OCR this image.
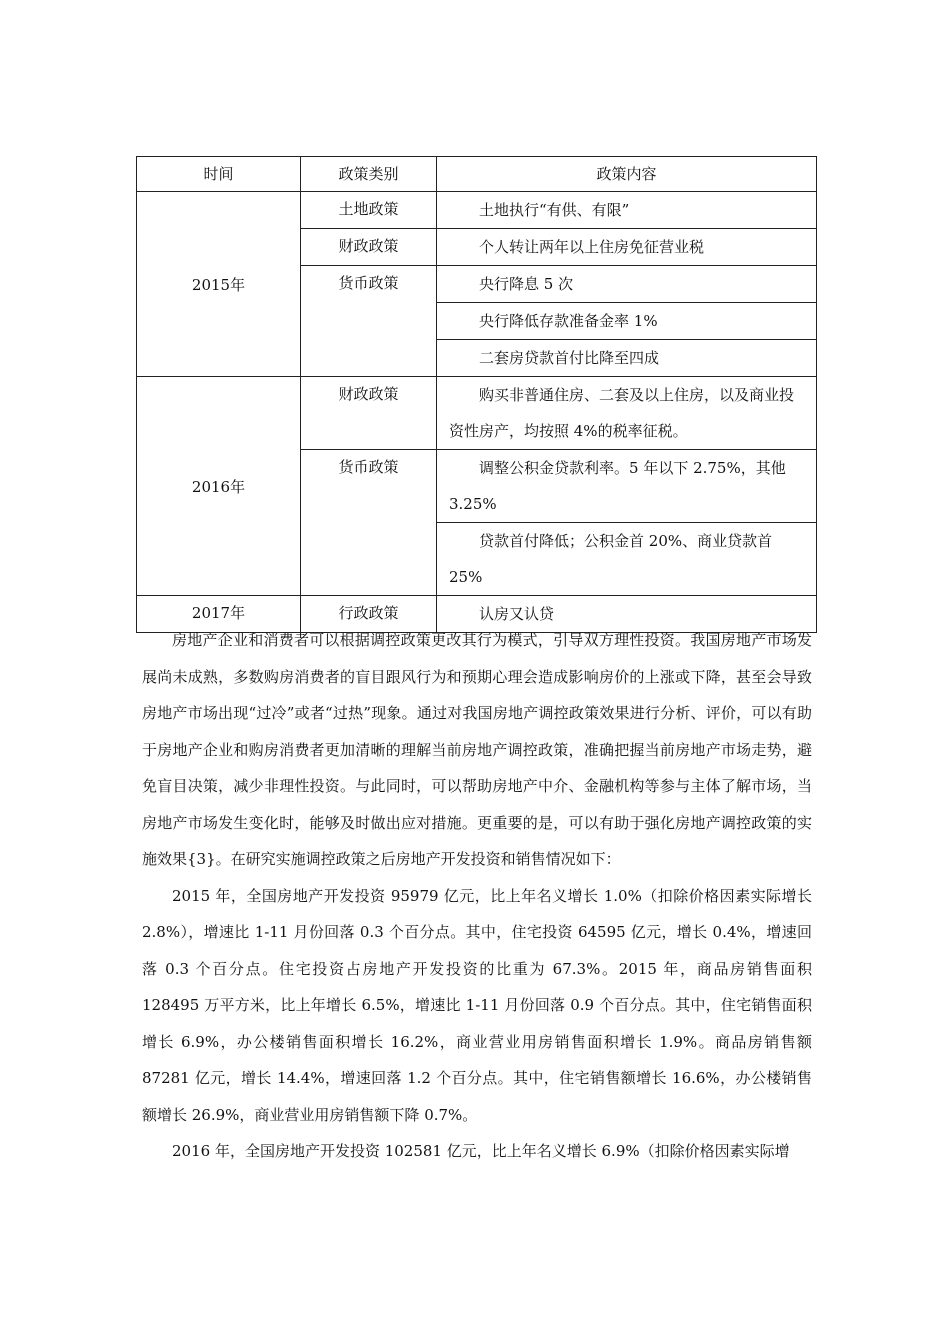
时间	政策类别	政策内容
2015年	土地政策	土地执行“有供、有限”
	财政政策	个人转让两年以上住房免征营业税
	货币政策	央行降息 5 次
		央行降低存款准备金率 1%
		二套房贷款首付比降至四成
2016年	财政政策	购买非普通住房、二套及以上住房，以及商业投资性房产，均按照 4%的税率征税。
	货币政策	调整公积金贷款利率。5 年以下 2.75%，其他 3.25%
		贷款首付降低；公积金首 20%、商业贷款首 25%
2017年	行政政策	认房又认贷

房地产企业和消费者可以根据调控政策更改其行为模式，引导双方理性投资。我国房地产市场发展尚未成熟，多数购房消费者的盲目跟风行为和预期心理会造成影响房价的上涨或下降，甚至会导致房地产市场出现“过冷”或者“过热”现象。通过对我国房地产调控政策效果进行分析、评价，可以有助于房地产企业和购房消费者更加清晰的理解当前房地产调控政策，准确把握当前房地产市场走势，避免盲目决策，减少非理性投资。与此同时，可以帮助房地产中介、金融机构等参与主体了解市场，当房地产市场发生变化时，能够及时做出应对措施。更重要的是，可以有助于强化房地产调控政策的实施效果{3}。在研究实施调控政策之后房地产开发投资和销售情况如下：

2015 年，全国房地产开发投资 95979 亿元，比上年名义增长 1.0%（扣除价格因素实际增长 2.8%），增速比 1-11 月份回落 0.3 个百分点。其中，住宅投资 64595 亿元，增长 0.4%，增速回落 0.3 个百分点。住宅投资占房地产开发投资的比重为 67.3%。2015 年，商品房销售面积 128495 万平方米，比上年增长 6.5%，增速比 1-11 月份回落 0.9 个百分点。其中，住宅销售面积增长 6.9%，办公楼销售面积增长 16.2%，商业营业用房销售面积增长 1.9%。商品房销售额 87281 亿元，增长 14.4%，增速回落 1.2 个百分点。其中，住宅销售额增长 16.6%，办公楼销售额增长 26.9%，商业营业用房销售额下降 0.7%。

2016 年，全国房地产开发投资 102581 亿元，比上年名义增长 6.9%（扣除价格因素实际增
